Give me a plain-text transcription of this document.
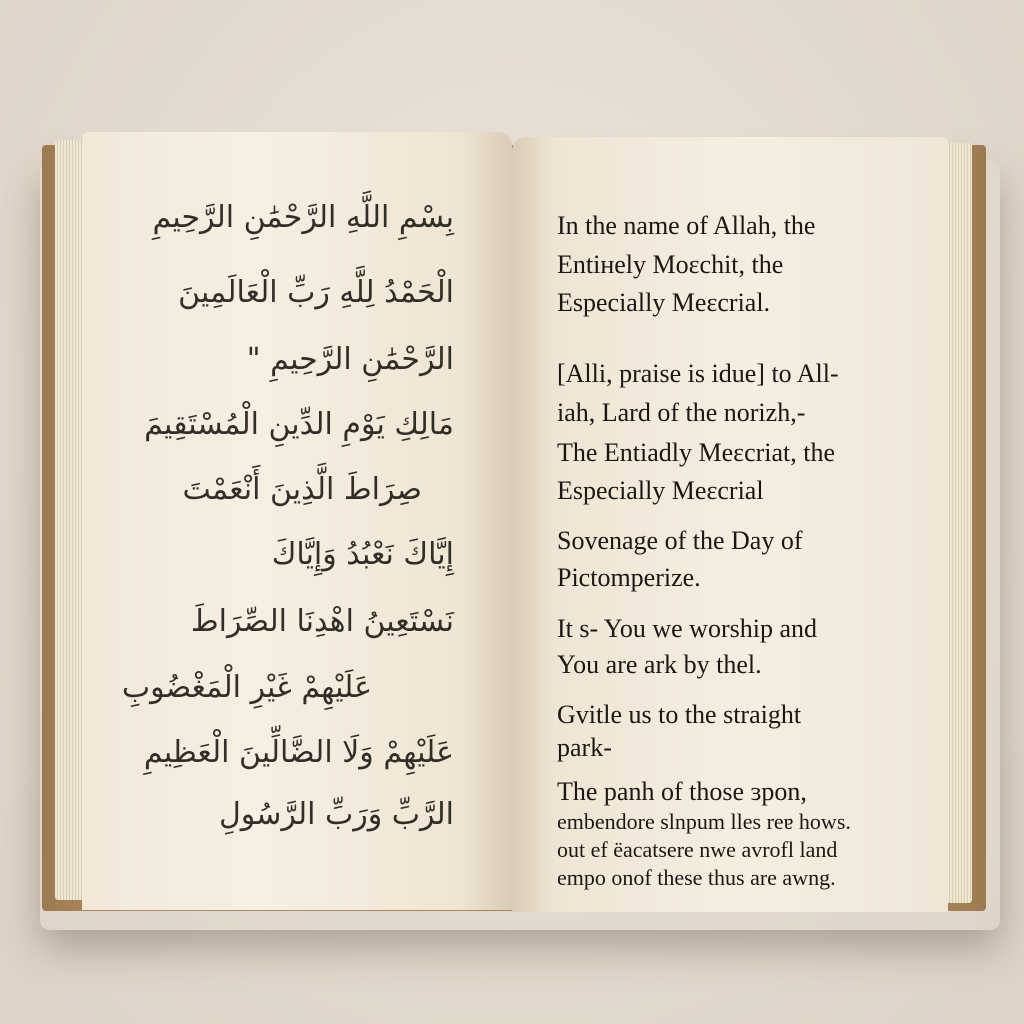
بِسْمِ اللَّهِ الرَّحْمَٰنِ الرَّحِيمِ
الْحَمْدُ لِلَّهِ رَبِّ الْعَالَمِينَ
الرَّحْمَٰنِ الرَّحِيمِ "
مَالِكِ يَوْمِ الدِّينِ الْمُسْتَقِيمَ
صِرَاطَ الَّذِينَ أَنْعَمْتَ
إِيَّاكَ نَعْبُدُ وَإِيَّاكَ
نَسْتَعِينُ اهْدِنَا الصِّرَاطَ
عَلَيْهِمْ غَيْرِ الْمَغْضُوبِ
عَلَيْهِمْ وَلَا الضَّالِّينَ الْعَظِيمِ
الرَّبِّ وَرَبِّ الرَّسُولِ
In the name of Allah, the
Entiнely Moɛchit, the
Especially Meɛcrial.
[Alli, praise is idue] to All-
iah, Lard of the norizh,-
The Entiadly Meɛcriat, the
Especially Meɛcrial
Sovenage of the Day of
Pictomperize.
It s- You we worship and
You are ark by thel.
Gvitle us to the straight
park-
The panh of those ɜpon,
embendore slnpum lles reɐ hows.
out ef ёacatsere nwe avrofl land
empo onof these thus are awng.
